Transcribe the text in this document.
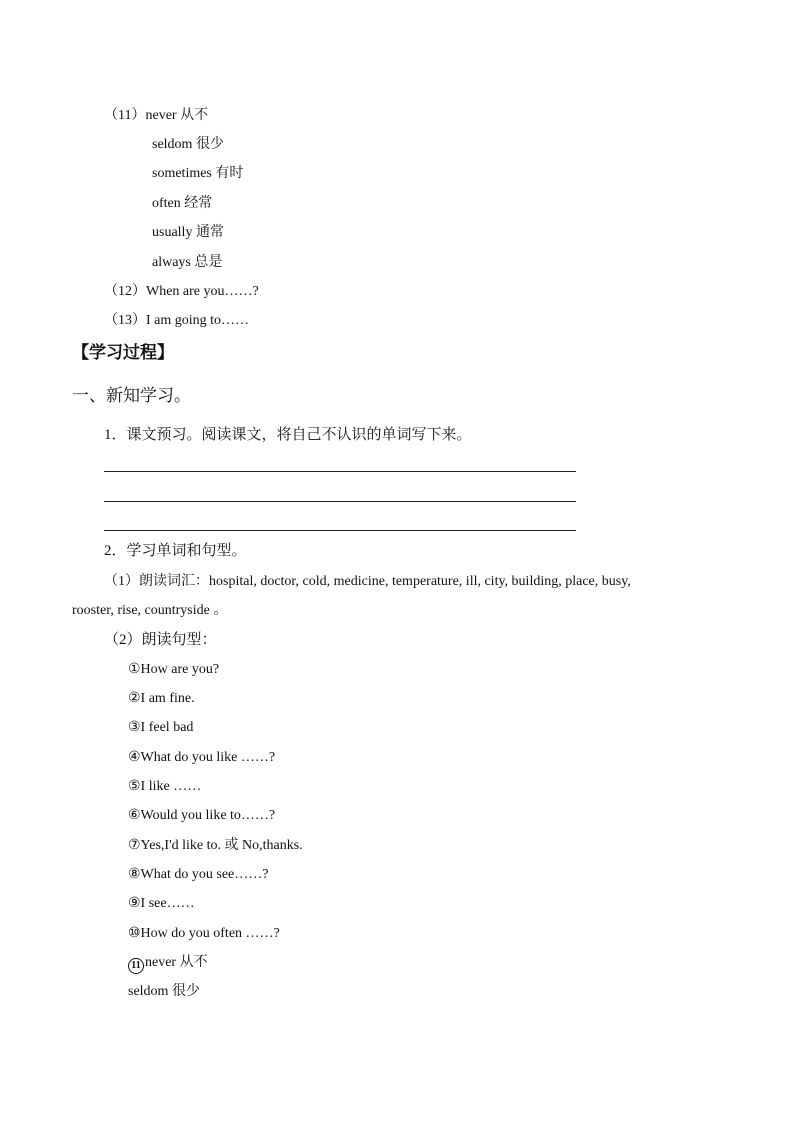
（11）never 从不
seldom 很少
sometimes 有时
often 经常
usually 通常
always 总是
（12）When are you……?
（13）I am going to……
【学习过程】
一、新知学习。
1．课文预习。阅读课文，将自己不认识的单词写下来。
2．学习单词和句型。
（1）朗读词汇：hospital, doctor, cold, medicine, temperature, ill, city, building, place, busy,
rooster, rise, countryside 。
（2）朗读句型：
①How are you?
②I am fine.
③I feel bad
④What do you like ……?
⑤I like ……
⑥Would you like to……?
⑦Yes,I'd like to. 或 No,thanks.
⑧What do you see……?
⑨I see……
⑩How do you often ……?
11 never 从不
seldom 很少
